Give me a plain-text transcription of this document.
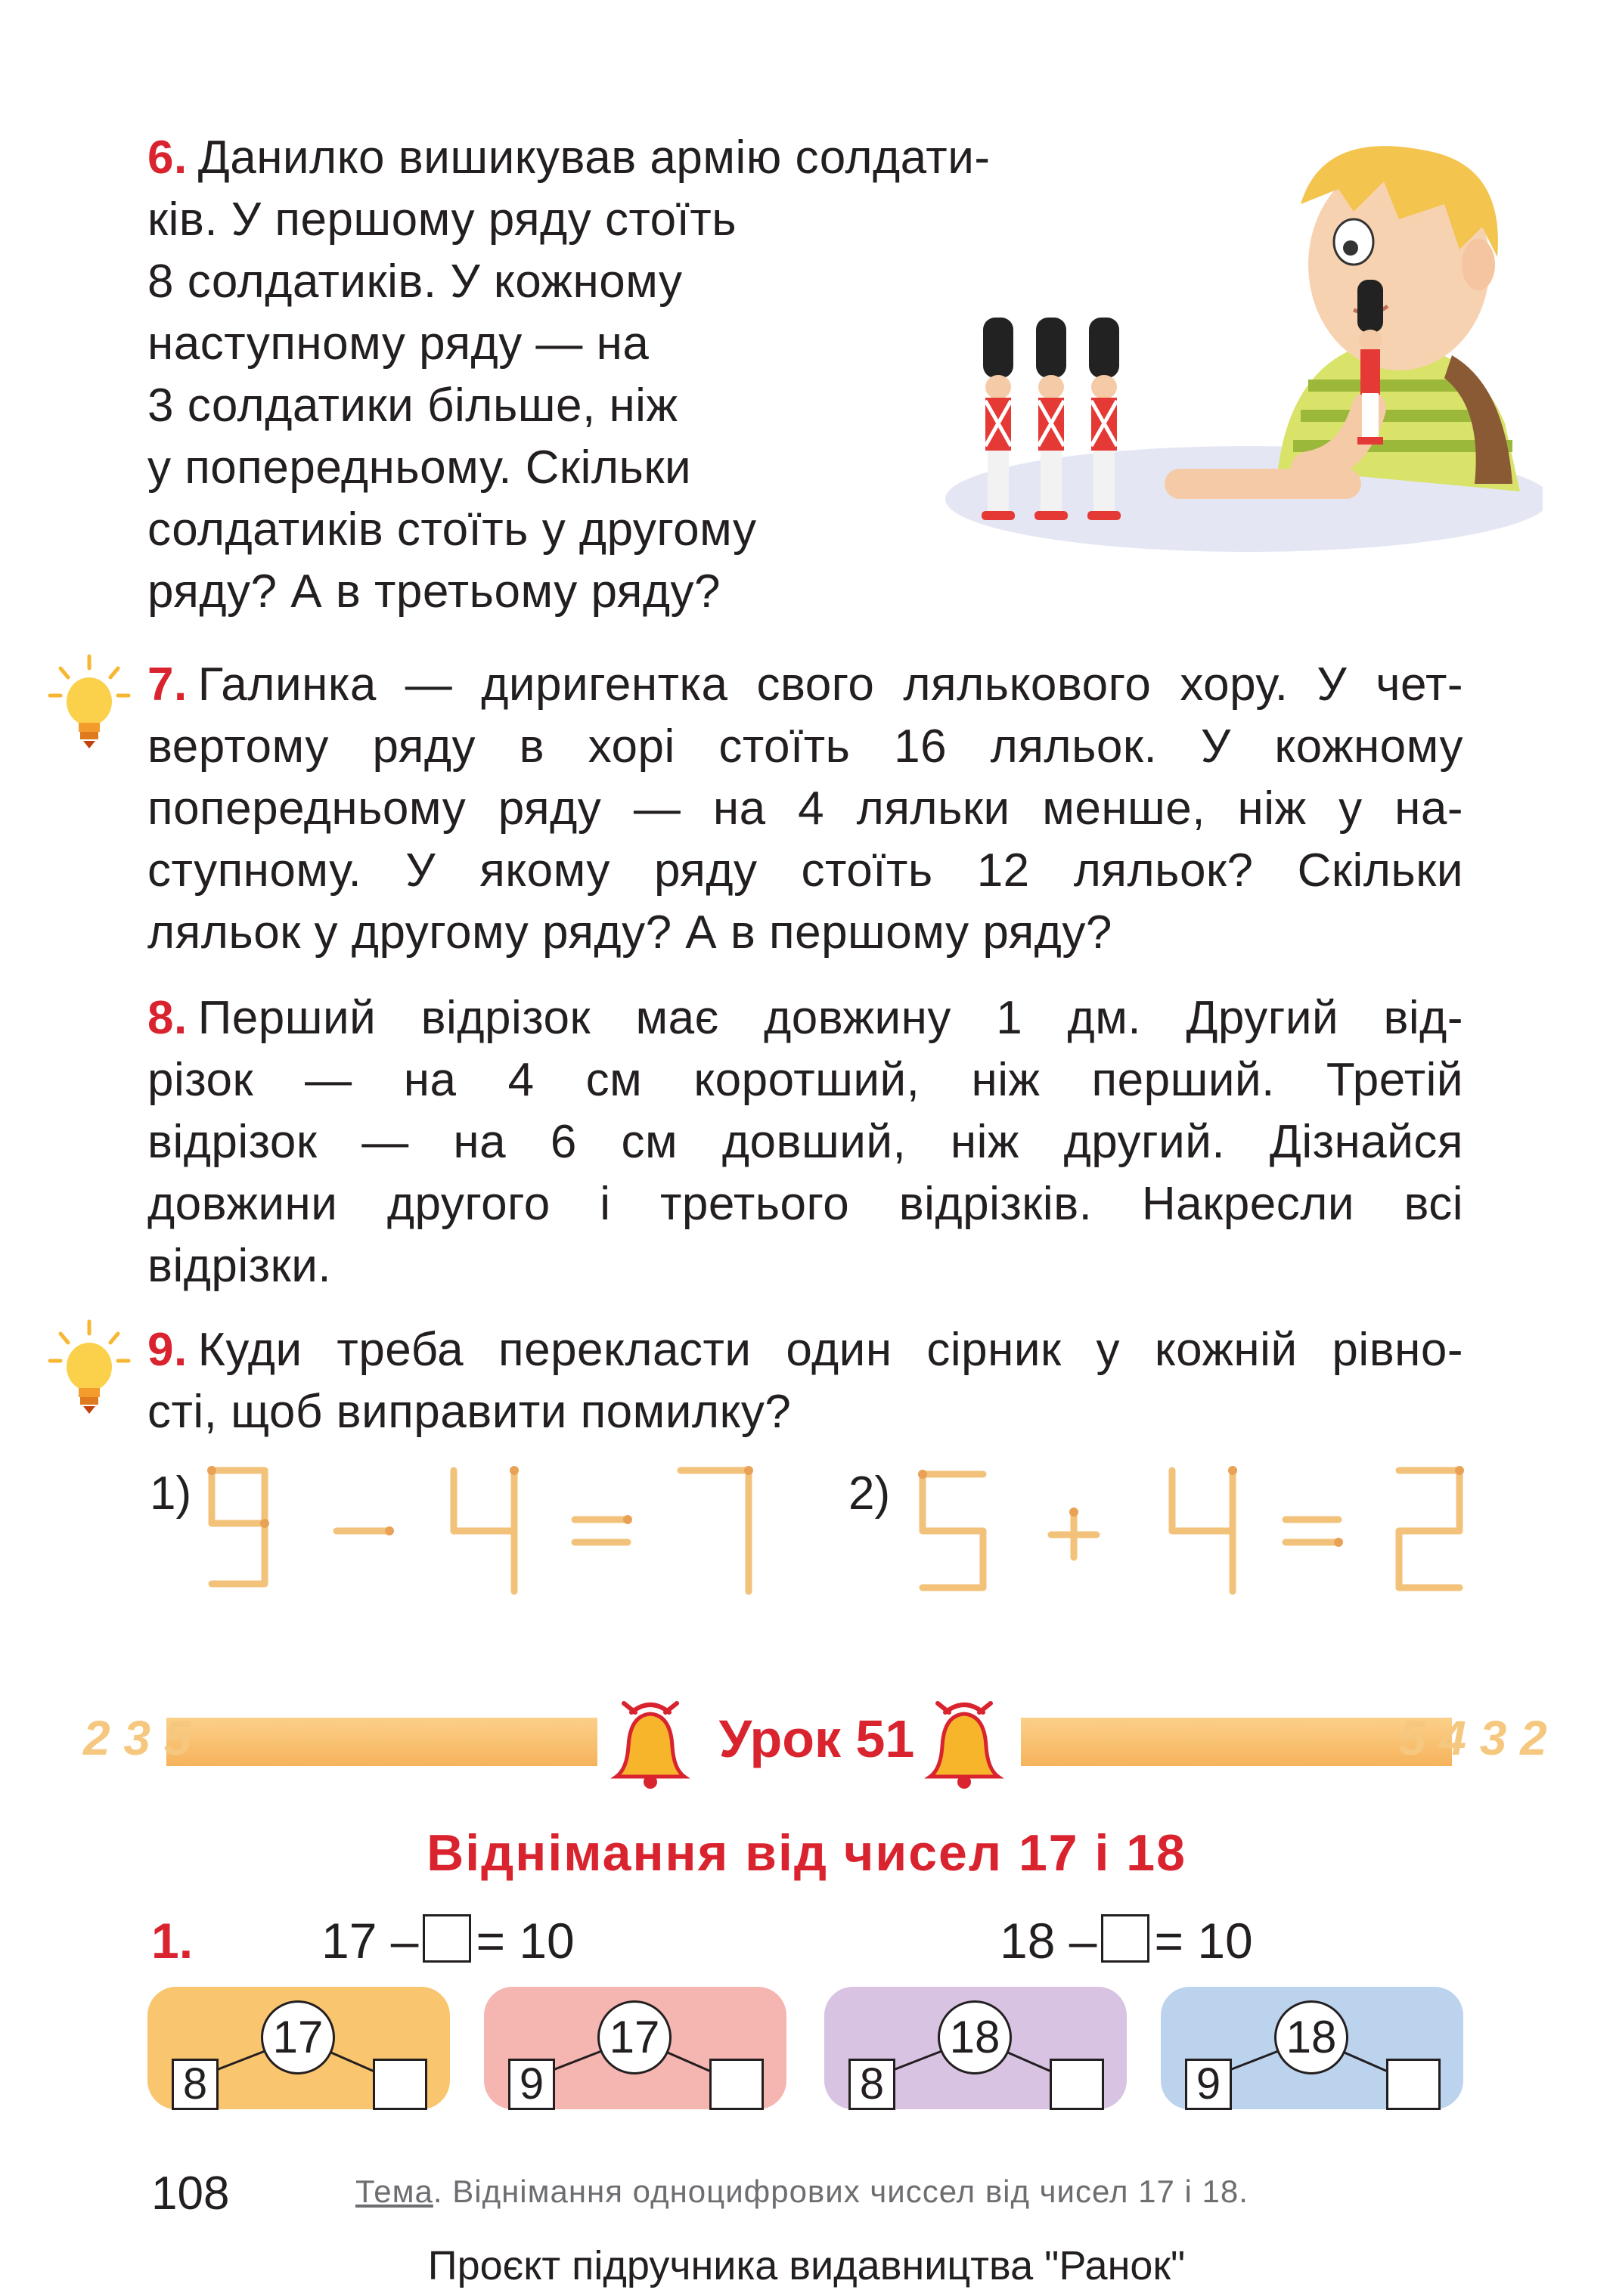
6. Данилко вишикував армію солдати-
ків. У першому ряду стоїть
8 солдатиків. У кожному
наступному ряду — на
3 солдатики більше, ніж
у попередньому. Скільки
солдатиків стоїть у другому
ряду? А в третьому ряду?
7. Галинка — диригентка свого лялькового хору. У чет-
вертому ряду в хорі стоїть 16 ляльок. У кожному
попередньому ряду — на 4 ляльки менше, ніж у на-
ступному. У якому ряду стоїть 12 ляльок? Скільки
ляльок у другому ряду? А в першому ряду?
8. Перший відрізок має довжину 1 дм. Другий від-
різок — на 4 см коротший, ніж перший. Третій
відрізок — на 6 см довший, ніж другий. Дізнайся
довжини другого і третього відрізків. Накресли всі
відрізки.
9. Куди треба перекласти один сірник у кожній рівно-
сті, щоб виправити помилку?
1)	2)
2 3 5	5 4 3 2
Урок 51
Віднімання від чисел 17 і 18
1.	17 – = 10	18 – = 10
17
8
17
9
18
8
18
9
108	Тема. Віднімання одноцифрових чиссел від чисел 17 і 18.
Проєкт підручника видавництва "Ранок"
